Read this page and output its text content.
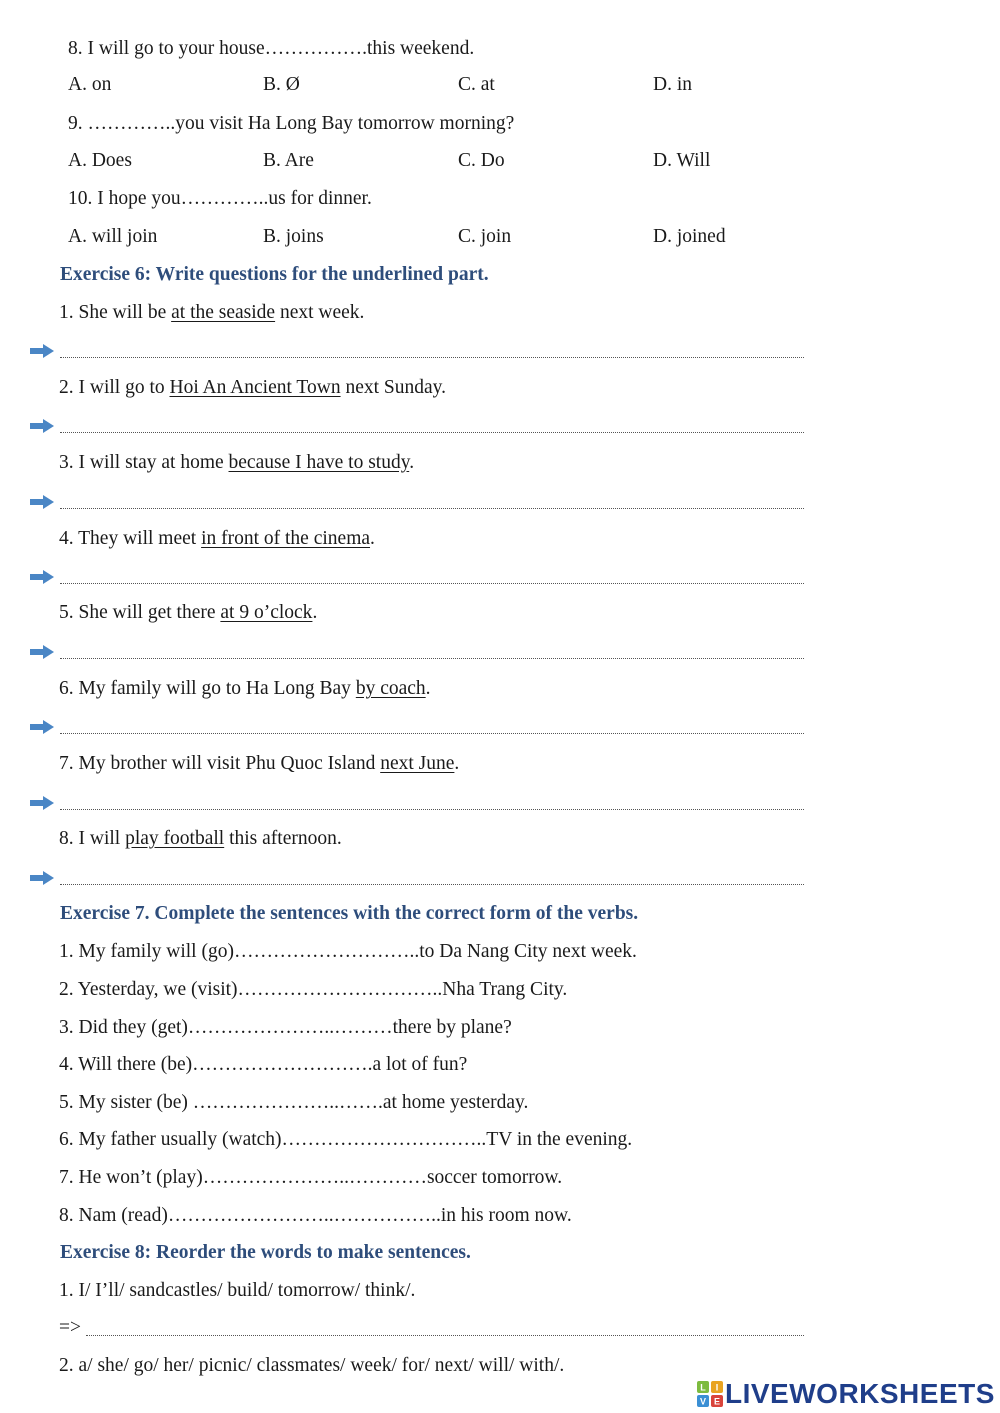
8. I will go to your house…………….this weekend.
A. on	B. Ø	C. at	D. in
9. …………..you visit Ha Long Bay tomorrow morning?
A. Does	B. Are	C. Do	D. Will
10. I hope you…………..us for dinner.
A. will join	B. joins	C. join	D. joined
Exercise 6: Write questions for the underlined part.
1. She will be at the seaside next week.
2. I will go to Hoi An Ancient Town next Sunday.
3. I will stay at home because I have to study.
4. They will meet in front of the cinema.
5. She will get there at 9 o’clock.
6. My family will go to Ha Long Bay by coach.
7. My brother will visit Phu Quoc Island next June.
8. I will play football this afternoon.
Exercise 7. Complete the sentences with the correct form of the verbs.
1. My family will (go)………………………..to Da Nang City next week.
2. Yesterday, we (visit)…………………………..Nha Trang City.
3. Did they (get)…………………..………there by plane?
4. Will there (be)……………………….a lot of fun?
5. My sister (be) …………………..…….at home yesterday.
6. My father usually (watch)…………………………..TV in the evening.
7. He won’t (play)…………………..…………soccer tomorrow.
8. Nam (read)……………………..……………..in his room now.
Exercise 8: Reorder the words to make sentences.
1. I/ I’ll/ sandcastles/ build/ tomorrow/ think/.
=>
2. a/ she/ go/ her/ picnic/ classmates/ week/ for/ next/ will/ with/.
L I
V E LIVEWORKSHEETS
